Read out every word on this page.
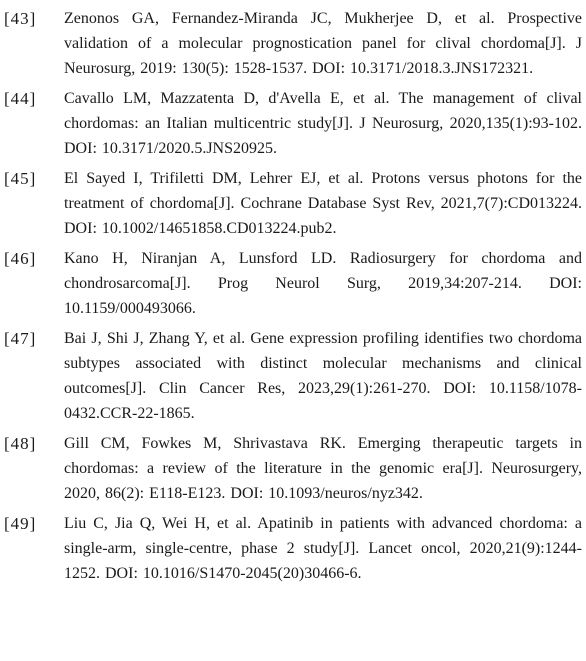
[43] Zenonos GA, Fernandez-Miranda JC, Mukherjee D, et al. Prospective validation of a molecular prognostication panel for clival chordoma[J]. J Neurosurg, 2019: 130(5): 1528-1537. DOI: 10.3171/2018.3.JNS172321.
[44] Cavallo LM, Mazzatenta D, d'Avella E, et al. The management of clival chordomas: an Italian multicentric study[J]. J Neurosurg, 2020,135(1):93-102. DOI: 10.3171/2020.5.JNS20925.
[45] El Sayed I, Trifiletti DM, Lehrer EJ, et al. Protons versus photons for the treatment of chordoma[J]. Cochrane Database Syst Rev, 2021,7(7):CD013224. DOI: 10.1002/14651858.CD013224.pub2.
[46] Kano H, Niranjan A, Lunsford LD. Radiosurgery for chordoma and chondrosarcoma[J]. Prog Neurol Surg, 2019,34:207-214. DOI: 10.1159/000493066.
[47] Bai J, Shi J, Zhang Y, et al. Gene expression profiling identifies two chordoma subtypes associated with distinct molecular mechanisms and clinical outcomes[J]. Clin Cancer Res, 2023,29(1):261-270. DOI: 10.1158/1078-0432.CCR-22-1865.
[48] Gill CM, Fowkes M, Shrivastava RK. Emerging therapeutic targets in chordomas: a review of the literature in the genomic era[J]. Neurosurgery, 2020, 86(2): E118-E123. DOI: 10.1093/neuros/nyz342.
[49] Liu C, Jia Q, Wei H, et al. Apatinib in patients with advanced chordoma: a single-arm, single-centre, phase 2 study[J]. Lancet oncol, 2020,21(9):1244-1252. DOI: 10.1016/S1470-2045(20)30466-6.
